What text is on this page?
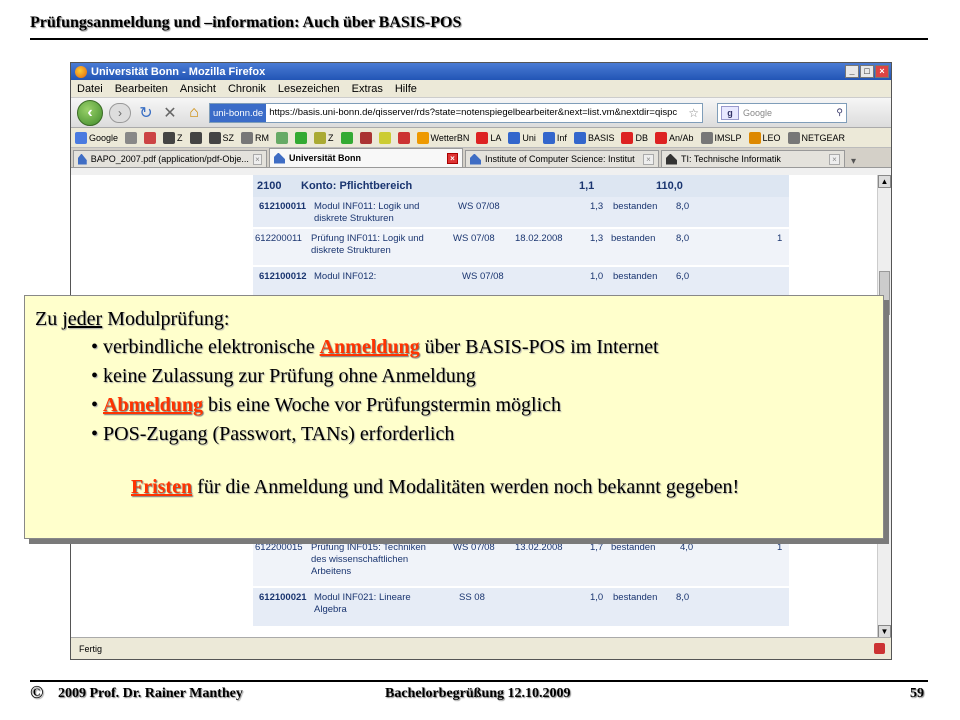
Prüfungsanmeldung und –information: Auch über BASIS-POS
Universität Bonn - Mozilla Firefox	_	□	×
Datei Bearbeiten Ansicht Chronik Lesezeichen Extras Hilfe
‹	›	↻ ✕ ⌂	uni-bonn.de https://basis.uni-bonn.de/qisserver/rds?state=notenspiegelbearbeiter&next=list.vm&nextdir=qispc ☆	g	Google	⚲
Google	Z	SZ RM	Z	WetterBN LA Uni Inf BASIS DB An/Ab IMSLP LEO NETGEAR
BAPO_2007.pdf (application/pdf-Obje... ×	Universität Bonn	×	Institute of Computer Science: Institut	×	TI: Technische Informatik	×	▾
2100 Konto: Pflichtbereich	1,1	110,0
612100011 Modul INF011: Logik und diskrete Strukturen
WS 07/08	1,3 bestanden 8,0
612200011 Prüfung INF011: Logik und diskrete Strukturen
WS 07/08 18.02.2008	1,3 bestanden 8,0	1
612100012 Modul INF012:	WS 07/08	1,0 bestanden 6,0
612200015 Prüfung INF015: Techniken des wissenschaftlichen Arbeitens
WS 07/08 13.02.2008	1,7 bestanden	4,0	1
612100021 Modul INF021: Lineare Algebra
SS 08	1,0 bestanden 8,0
▲
▼
Fertig
Zu jeder Modulprüfung:
• verbindliche elektronische Anmeldung über BASIS-POS im Internet
• keine Zulassung zur Prüfung ohne Anmeldung
• Abmeldung bis eine Woche vor Prüfungstermin möglich
• POS-Zugang (Passwort, TANs) erforderlich
Fristen für die Anmeldung und Modalitäten werden noch bekannt gegeben!
© 2009 Prof. Dr. Rainer Manthey	Bachelorbegrüßung 12.10.2009	59
